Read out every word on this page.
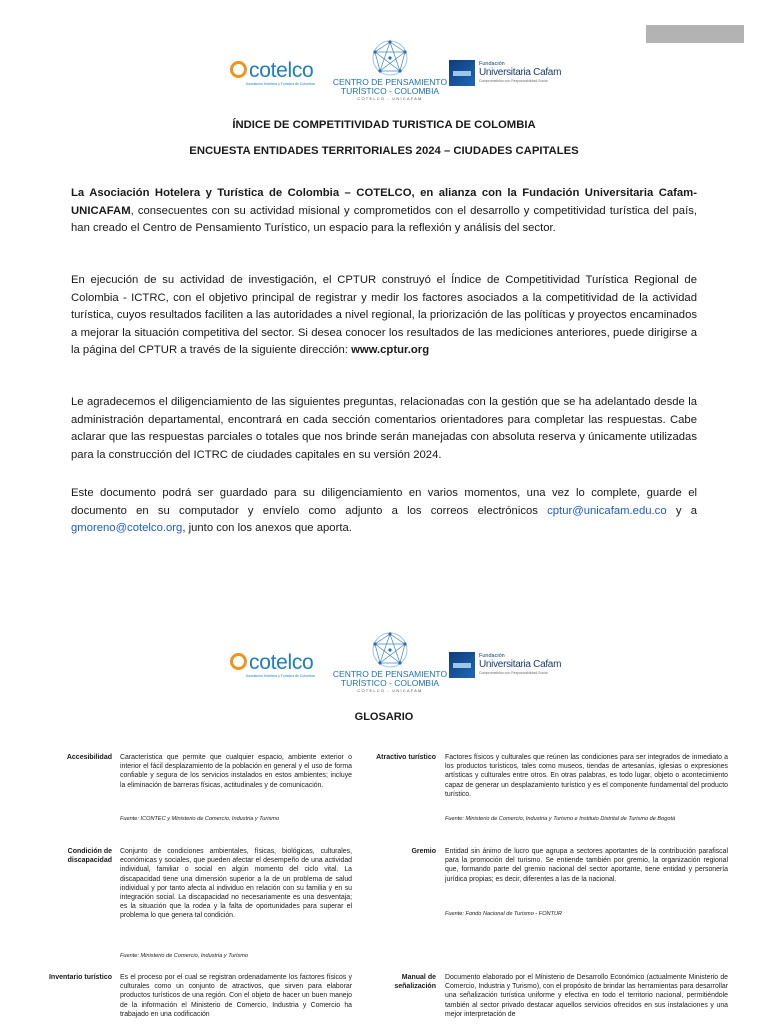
cotelco
Asociación Hotelera y Turística de Colombia	CENTRO DE PENSAMIENTO
TURÍSTICO - COLOMBIA
COTELCO - UNICAFAM
Fundación
Universitaria Cafam
Comprometidos con Responsabilidad Social
ÍNDICE DE COMPETITIVIDAD TURISTICA DE COLOMBIA
ENCUESTA ENTIDADES TERRITORIALES 2024 – CIUDADES CAPITALES

La Asociación Hotelera y Turística de Colombia – COTELCO, en alianza con la Fundación Universitaria Cafam-UNICAFAM, consecuentes con su actividad misional y comprometidos con el desarrollo y competitividad turística del país, han creado el Centro de Pensamiento Turístico, un espacio para la reflexión y análisis del sector.

En ejecución de su actividad de investigación, el CPTUR construyó el Índice de Competitividad Turística Regional de Colombia - ICTRC, con el objetivo principal de registrar y medir los factores asociados a la competitividad de la actividad turística, cuyos resultados faciliten a las autoridades a nivel regional, la priorización de las políticas y proyectos encaminados a mejorar la situación competitiva del sector. Si desea conocer los resultados de las mediciones anteriores, puede dirigirse a la página del CPTUR a través de la siguiente dirección: www.cptur.org

Le agradecemos el diligenciamiento de las siguientes preguntas, relacionadas con la gestión que se ha adelantado desde la administración departamental, encontrará en cada sección comentarios orientadores para completar las respuestas. Cabe aclarar que las respuestas parciales o totales que nos brinde serán manejadas con absoluta reserva y únicamente utilizadas para la construcción del ICTRC de ciudades capitales en su versión 2024.

Este documento podrá ser guardado para su diligenciamiento en varios momentos, una vez lo complete, guarde el documento en su computador y envíelo como adjunto a los correos electrónicos cptur@unicafam.edu.co y a gmoreno@cotelco.org, junto con los anexos que aporta.

cotelco
Asociación Hotelera y Turística de Colombia	CENTRO DE PENSAMIENTO
TURÍSTICO - COLOMBIA
COTELCO - UNICAFAM
Fundación
Universitaria Cafam
Comprometidos con Responsabilidad Social
GLOSARIO
Accesibilidad Característica que permite que cualquier espacio, ambiente exterior o interior el fácil desplazamiento de la población en general y el uso de forma confiable y segura de los servicios instalados en estos ambientes; incluye la eliminación de barreras físicas, actitudinales y de comunicación.

Fuente: ICONTEC y Ministerio de Comercio, Industria y Turismo
Condición de discapacidad

Conjunto de condiciones ambientales, físicas, biológicas, culturales, económicas y sociales, que pueden afectar el desempeño de una actividad individual, familiar o social en algún momento del ciclo vital. La discapacidad tiene una dimensión superior a la de un problema de salud individual y por tanto afecta al individuo en relación con su familia y en su integración social. La discapacidad no necesariamente es una desventaja; es la situación que la rodea y la falta de oportunidades para superar el problema lo que genera tal condición.

Fuente: Ministerio de Comercio, Industria y Turismo
Inventario turístico Es el proceso por el cual se registran ordenadamente los factores físicos y culturales como un conjunto de atractivos, que sirven para elaborar productos turísticos de una región. Con el objeto de hacer un buen manejo de la información el Ministerio de Comercio, Industria y Comercio ha trabajado en una codificación

Atractivo turístico Factores físicos y culturales que reúnen las condiciones para ser integrados de inmediato a los productos turísticos, tales como museos, tiendas de artesanías, iglesias o expresiones artísticas y culturales entre otros. En otras palabras, es todo lugar, objeto o acontecimiento capaz de generar un desplazamiento turístico y es el componente fundamental del producto turístico.

Fuente: Ministerio de Comercio, Industria y Turismo e Instituto Distrital de Turismo de Bogotá
Gremio Entidad sin ánimo de lucro que agrupa a sectores aportantes de la contribución parafiscal para la promoción del turismo. Se entiende también por gremio, la organización regional que, formando parte del gremio nacional del sector aportante, tiene entidad y personería jurídica propias; es decir, diferentes a las de la nacional.

Fuente: Fondo Nacional de Turismo - FONTUR
Manual de señalización

Documento elaborado por el Ministerio de Desarrollo Económico (actualmente Ministerio de Comercio, Industria y Turismo), con el propósito de brindar las herramientas para desarrollar una señalización turística uniforme y efectiva en todo el territorio nacional, permitiéndole también al sector privado destacar aquellos servicios ofrecidos en sus instalaciones y una mejor interpretación de
